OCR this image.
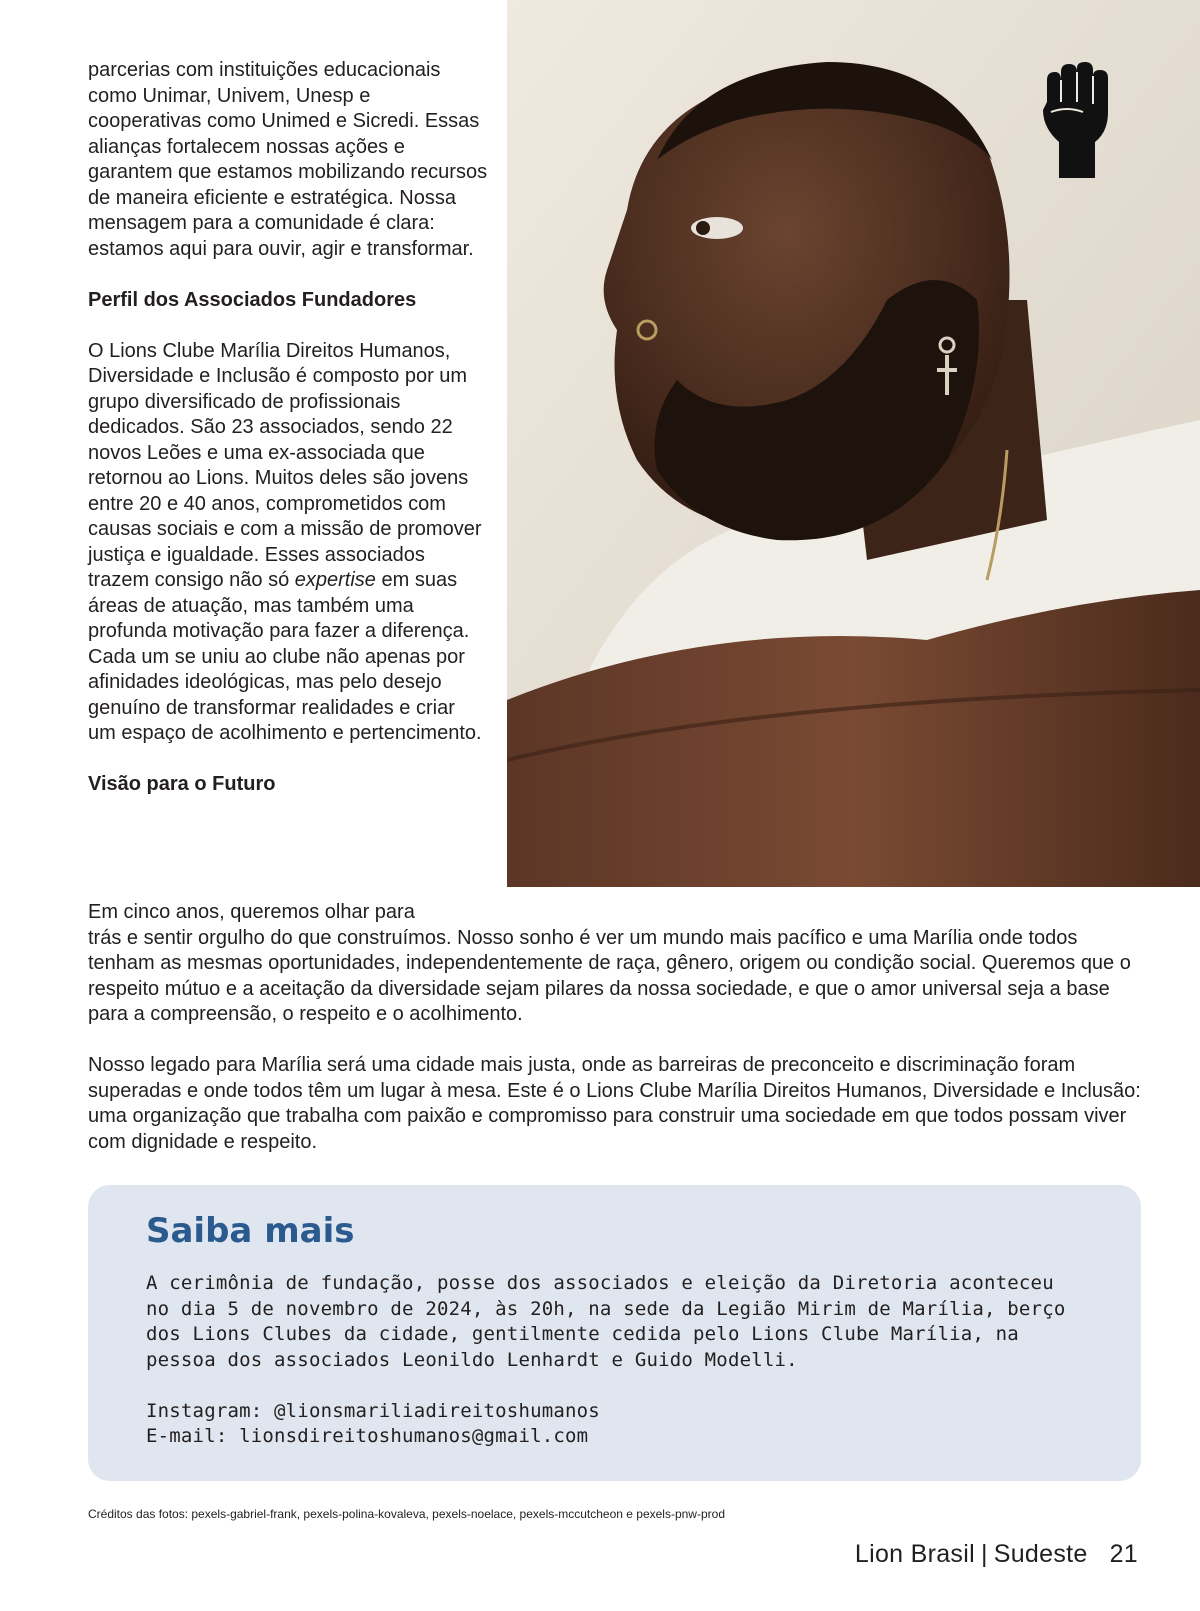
parcerias com instituições educacionais como Unimar, Univem, Unesp e cooperativas como Unimed e Sicredi. Essas alianças fortalecem nossas ações e garantem que estamos mobilizando recursos de maneira eficiente e estratégica. Nossa mensagem para a comunidade é clara: estamos aqui para ouvir, agir e transformar.

Perfil dos Associados Fundadores

O Lions Clube Marília Direitos Humanos, Diversidade e Inclusão é composto por um grupo diversificado de profissionais dedicados. São 23 associados, sendo 22 novos Leões e uma ex-associada que retornou ao Lions. Muitos deles são jovens entre 20 e 40 anos, comprometidos com causas sociais e com a missão de promover justiça e igualdade. Esses associados trazem consigo não só expertise em suas áreas de atuação, mas também uma profunda motivação para fazer a diferença. Cada um se uniu ao clube não apenas por afinidades ideológicas, mas pelo desejo genuíno de transformar realidades e criar um espaço de acolhimento e pertencimento.

Visão para o Futuro

Em cinco anos, queremos olhar para
trás e sentir orgulho do que construímos. Nosso sonho é ver um mundo mais pacífico e uma Marília onde todos tenham as mesmas oportunidades, independentemente de raça, gênero, origem ou condição social. Queremos que o respeito mútuo e a aceitação da diversidade sejam pilares da nossa sociedade, e que o amor universal seja a base para a compreensão, o respeito e o acolhimento.

Nosso legado para Marília será uma cidade mais justa, onde as barreiras de preconceito e discriminação foram superadas e onde todos têm um lugar à mesa. Este é o Lions Clube Marília Direitos Humanos, Diversidade e Inclusão: uma organização que trabalha com paixão e compromisso para construir uma sociedade em que todos possam viver com dignidade e respeito.

Saiba mais

A cerimônia de fundação, posse dos associados e eleição da Diretoria aconteceu no dia 5 de novembro de 2024, às 20h, na sede da Legião Mirim de Marília, berço dos Lions Clubes da cidade, gentilmente cedida pelo Lions Clube Marília, na pessoa dos associados Leonildo Lenhardt e Guido Modelli.

Instagram: @lionsmariliadireitoshumanos

E-mail: lionsdireitoshumanos@gmail.com

Créditos das fotos: pexels-gabriel-frank, pexels-polina-kovaleva, pexels-noelace, pexels-mccutcheon e pexels-pnw-prod
Lion Brasil | Sudeste 21
